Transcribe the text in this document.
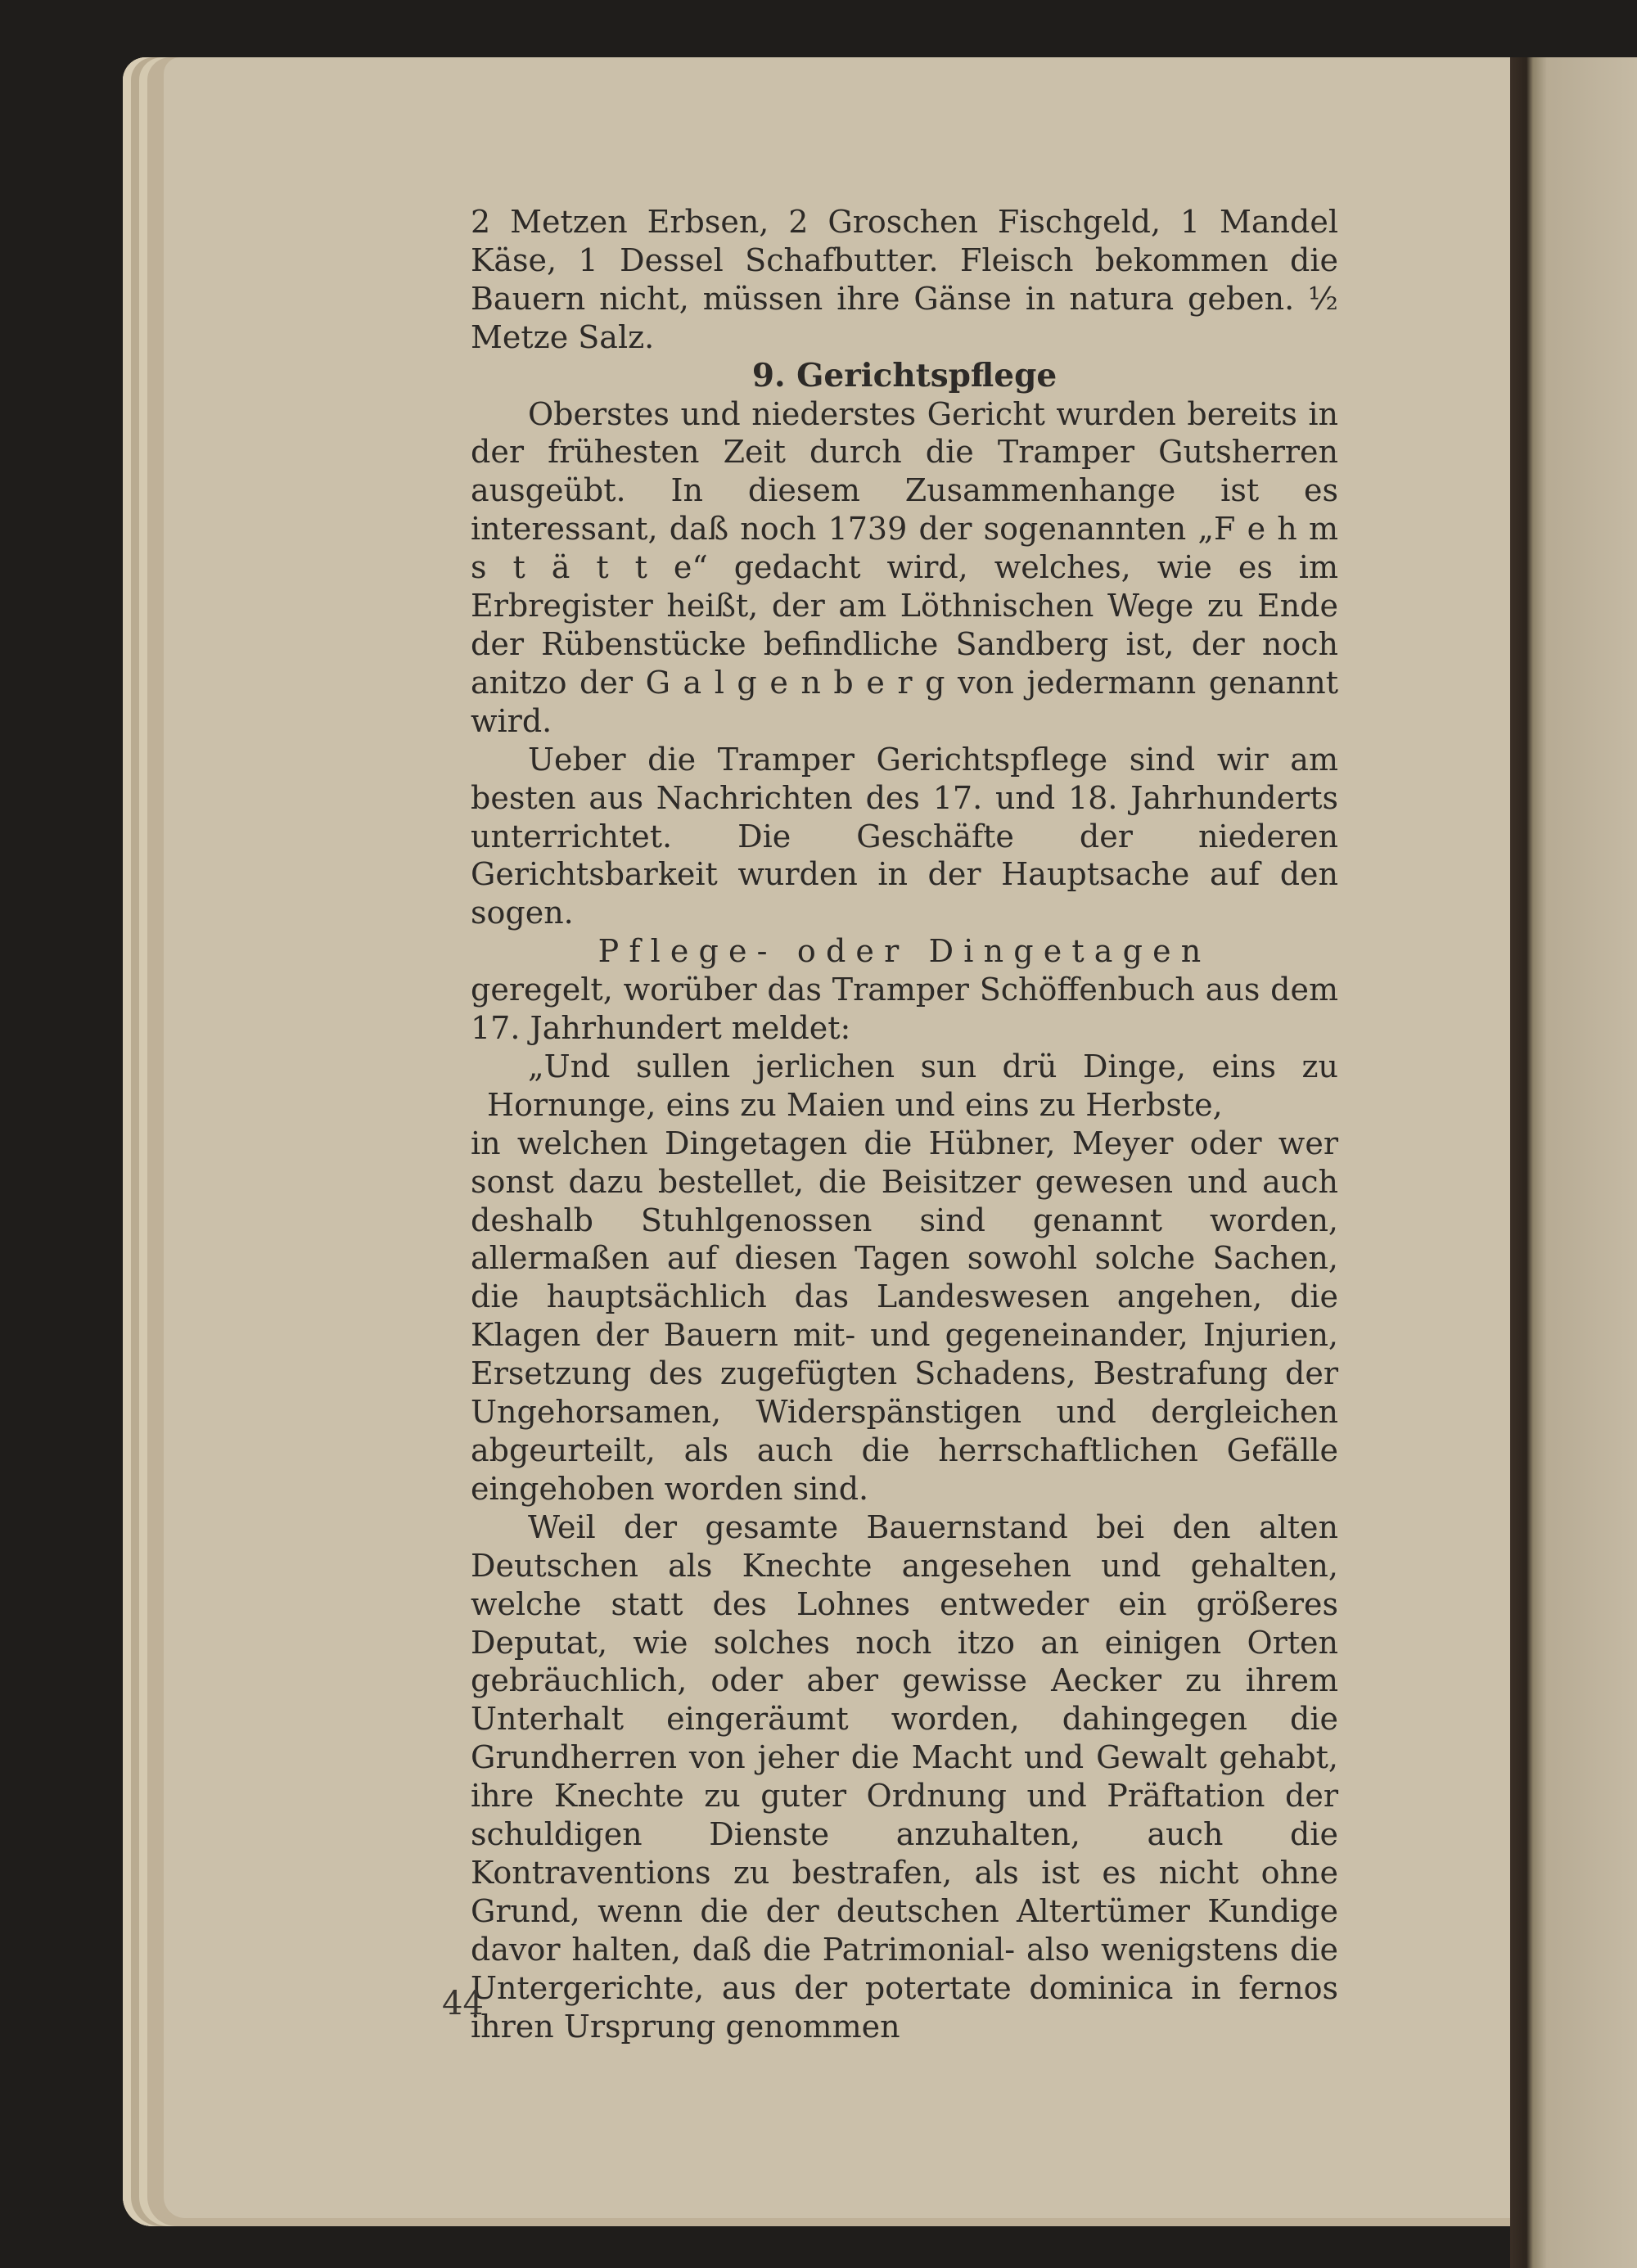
2 Metzen Erbsen, 2 Groschen Fischgeld, 1 Mandel Käse, 1 Dessel Schafbutter. Fleisch bekommen die Bauern nicht, müssen ihre Gänse in natura geben. ½ Metze Salz.

9. Gerichtspflege

Oberstes und niederstes Gericht wurden bereits in der frühesten Zeit durch die Tramper Gutsherren ausgeübt. In diesem Zusammenhange ist es interessant, daß noch 1739 der sogenannten „F e h m s t ä t t e“ gedacht wird, welches, wie es im Erbregister heißt, der am Löthnischen Wege zu Ende der Rübenstücke befindliche Sandberg ist, der noch anitzo der G a l g e n b e r g von jedermann genannt wird.

Ueber die Tramper Gerichtspflege sind wir am besten aus Nachrichten des 17. und 18. Jahrhunderts unterrichtet. Die Geschäfte der niederen Gerichtsbarkeit wurden in der Hauptsache auf den sogen.

Pflege- oder Dingetagen

geregelt, worüber das Tramper Schöffenbuch aus dem 17. Jahrhundert meldet:

„Und sullen jerlichen sun drü Dinge, eins zu Hornunge, eins zu Maien und eins zu Herbste,

in welchen Dingetagen die Hübner, Meyer oder wer sonst dazu bestellet, die Beisitzer gewesen und auch deshalb Stuhlgenossen sind genannt worden, allermaßen auf diesen Tagen sowohl solche Sachen, die hauptsächlich das Landeswesen angehen, die Klagen der Bauern mit- und gegeneinander, Injurien, Ersetzung des zugefügten Schadens, Bestrafung der Ungehorsamen, Widerspänstigen und dergleichen abgeurteilt, als auch die herrschaftlichen Gefälle eingehoben worden sind.

Weil der gesamte Bauernstand bei den alten Deutschen als Knechte angesehen und gehalten, welche statt des Lohnes entweder ein größeres Deputat, wie solches noch itzo an einigen Orten gebräuchlich, oder aber gewisse Aecker zu ihrem Unterhalt eingeräumt worden, dahingegen die Grundherren von jeher die Macht und Gewalt gehabt, ihre Knechte zu guter Ordnung und Präftation der schuldigen Dienste anzuhalten, auch die Kontraventions zu bestrafen, als ist es nicht ohne Grund, wenn die der deutschen Altertümer Kundige davor halten, daß die Patrimonial- also wenigstens die Untergerichte, aus der potertate dominica in fernos ihren Ursprung genommen

44
